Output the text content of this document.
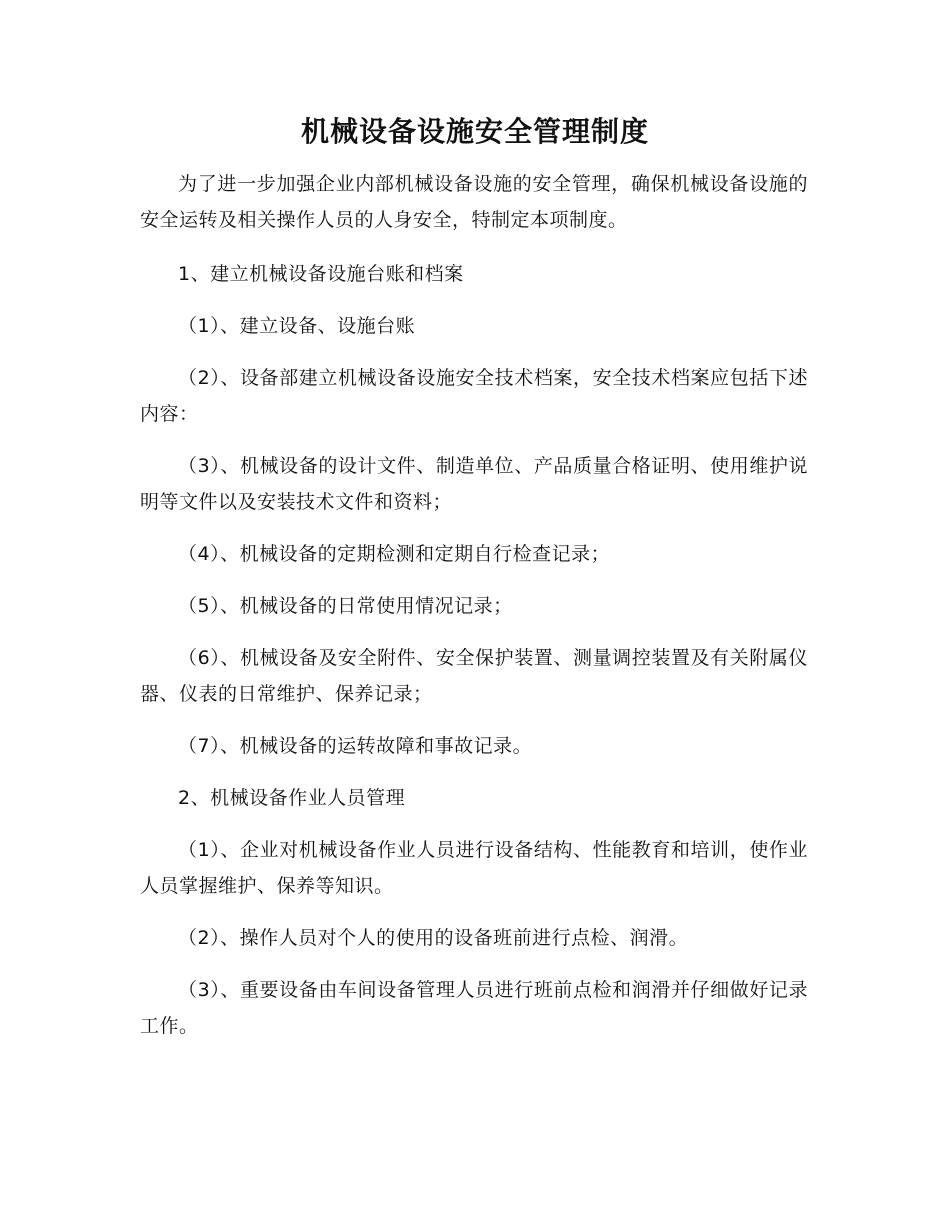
机械设备设施安全管理制度

为了进一步加强企业内部机械设备设施的安全管理，确保机械设备设施的安全运转及相关操作人员的人身安全，特制定本项制度。

1、建立机械设备设施台账和档案

（1）、建立设备、设施台账

（2）、设备部建立机械设备设施安全技术档案，安全技术档案应包括下述内容：

（3）、机械设备的设计文件、制造单位、产品质量合格证明、使用维护说明等文件以及安装技术文件和资料；

（4）、机械设备的定期检测和定期自行检查记录；

（5）、机械设备的日常使用情况记录；

（6）、机械设备及安全附件、安全保护装置、测量调控装置及有关附属仪器、仪表的日常维护、保养记录；

（7）、机械设备的运转故障和事故记录。

2、机械设备作业人员管理

（1）、企业对机械设备作业人员进行设备结构、性能教育和培训，使作业人员掌握维护、保养等知识。

（2）、操作人员对个人的使用的设备班前进行点检、润滑。

（3）、重要设备由车间设备管理人员进行班前点检和润滑并仔细做好记录工作。
